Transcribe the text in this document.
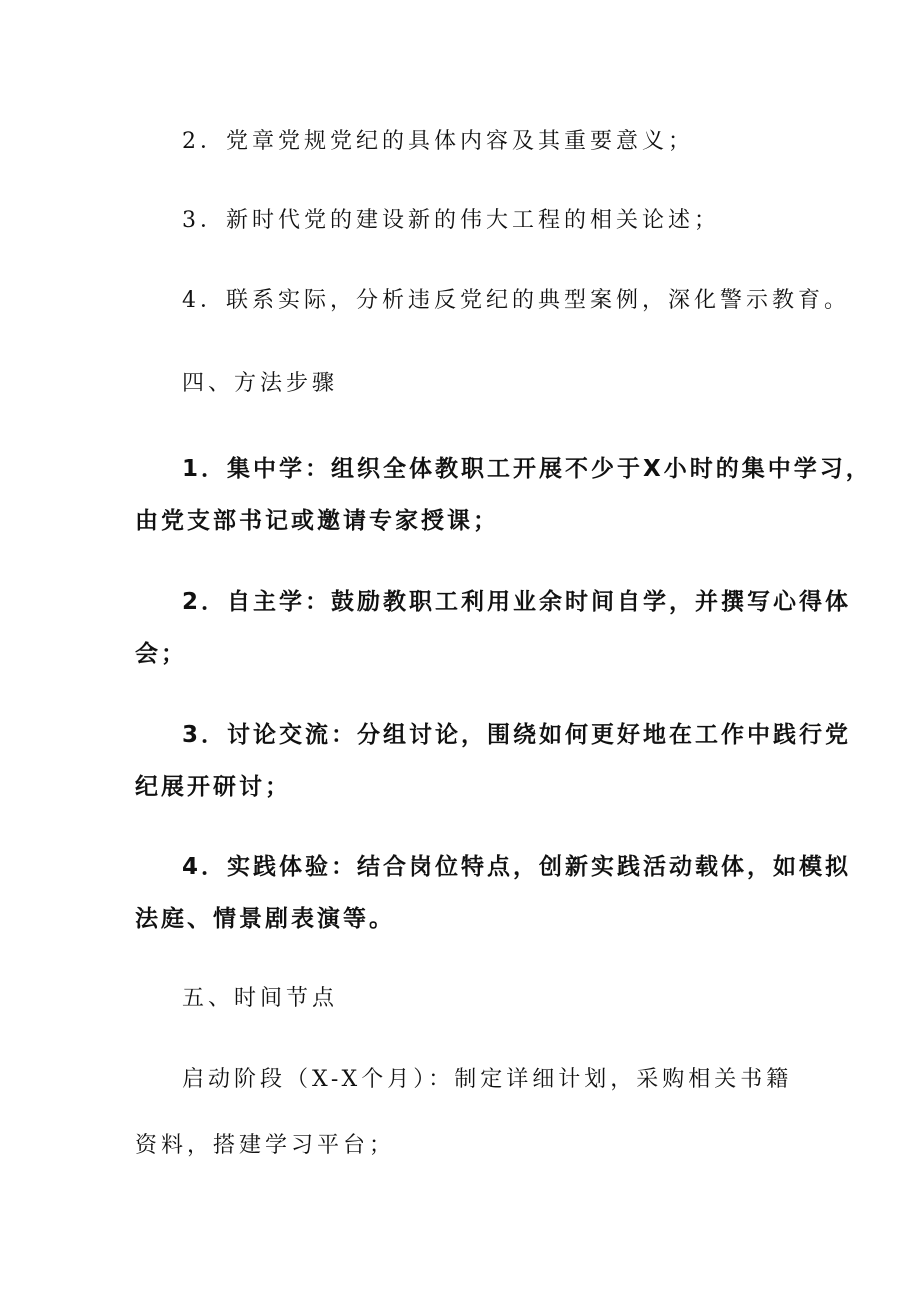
2．党章党规党纪的具体内容及其重要意义；
3．新时代党的建设新的伟大工程的相关论述；
4．联系实际，分析违反党纪的典型案例，深化警示教育。
四、方法步骤
1．集中学：组织全体教职工开展不少于X小时的集中学习，
由党支部书记或邀请专家授课；
2．自主学：鼓励教职工利用业余时间自学，并撰写心得体
会；
3．讨论交流：分组讨论，围绕如何更好地在工作中践行党
纪展开研讨；
4．实践体验：结合岗位特点，创新实践活动载体，如模拟
法庭、情景剧表演等。
五、时间节点
启动阶段（X-X个月）：制定详细计划，采购相关书籍
资料，搭建学习平台；
